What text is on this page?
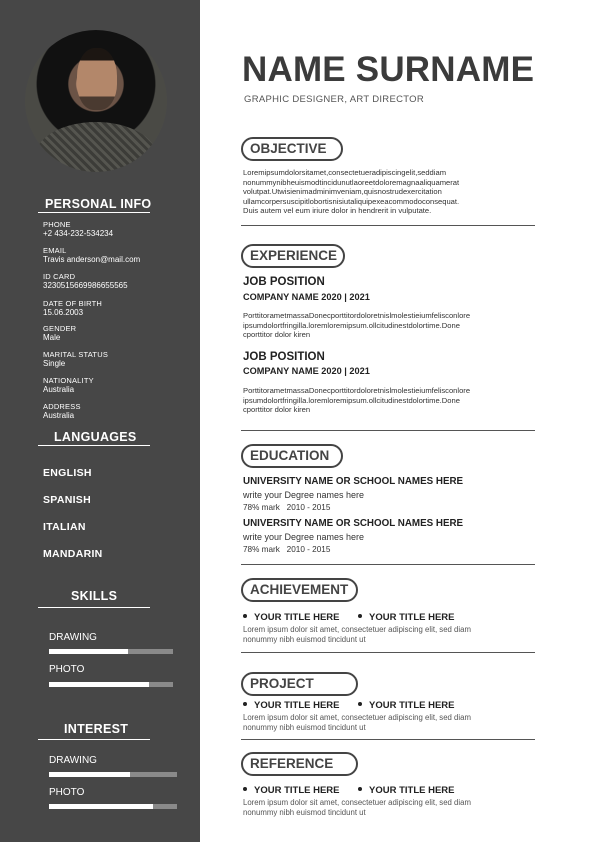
PERSONAL INFO
PHONE
+2 434-232-534234
EMAIL
Travis anderson@mail.com
ID CARD
3230515669986655565
DATE OF BIRTH
15.06.2003
GENDER
Male
MARITAL STATUS
Single
NATIONALITY
Australia
ADDRESS
Australia
LANGUAGES
ENGLISH
SPANISH
ITALIAN
MANDARIN
SKILLS
DRAWING
PHOTO
INTEREST
DRAWING
PHOTO
NAME SURNAME
GRAPHIC DESIGNER, ART DIRECTOR
OBJECTIVE
Loremipsumdolorsitamet,consectetueradipiscingelit,seddiam
nonummynibheuismodtincidunutlaoreetdoloremagnaaliquamerat
volutpat.Utwisienimadminimveniam,quisnostrudexercitation
ullamcorpersuscipitlobortisnisiutaliquipexeacommodoconsequat.
Duis autem vel eum iriure dolor in hendrerit in vulputate.
EXPERIENCE
JOB POSITION
COMPANY NAME 2020 | 2021
PorttitorametmassaDonecporttitordoloretnislmolestieiumfelisconlore
ipsumdolortfringilla.loremloremipsum.ollcitudinestdolortime.Done
cporttitor dolor kiren
JOB POSITION
COMPANY NAME 2020 | 2021
PorttitorametmassaDonecporttitordoloretnislmolestieiumfelisconlore
ipsumdolortfringilla.loremloremipsum.ollcitudinestdolortime.Done
cporttitor dolor kiren
EDUCATION
UNIVERSITY NAME OR SCHOOL NAMES HERE
write your Degree names here
78% mark   2010 - 2015
UNIVERSITY NAME OR SCHOOL NAMES HERE
write your Degree names here
78% mark   2010 - 2015
ACHIEVEMENT
YOUR TITLE HERE	YOUR TITLE HERE
Lorem ipsum dolor sit amet, consectetuer adipiscing elit, sed diam
nonummy nibh euismod tincidunt ut
PROJECT
YOUR TITLE HERE	YOUR TITLE HERE
Lorem ipsum dolor sit amet, consectetuer adipiscing elit, sed diam
nonummy nibh euismod tincidunt ut
REFERENCE
YOUR TITLE HERE	YOUR TITLE HERE
Lorem ipsum dolor sit amet, consectetuer adipiscing elit, sed diam
nonummy nibh euismod tincidunt ut
